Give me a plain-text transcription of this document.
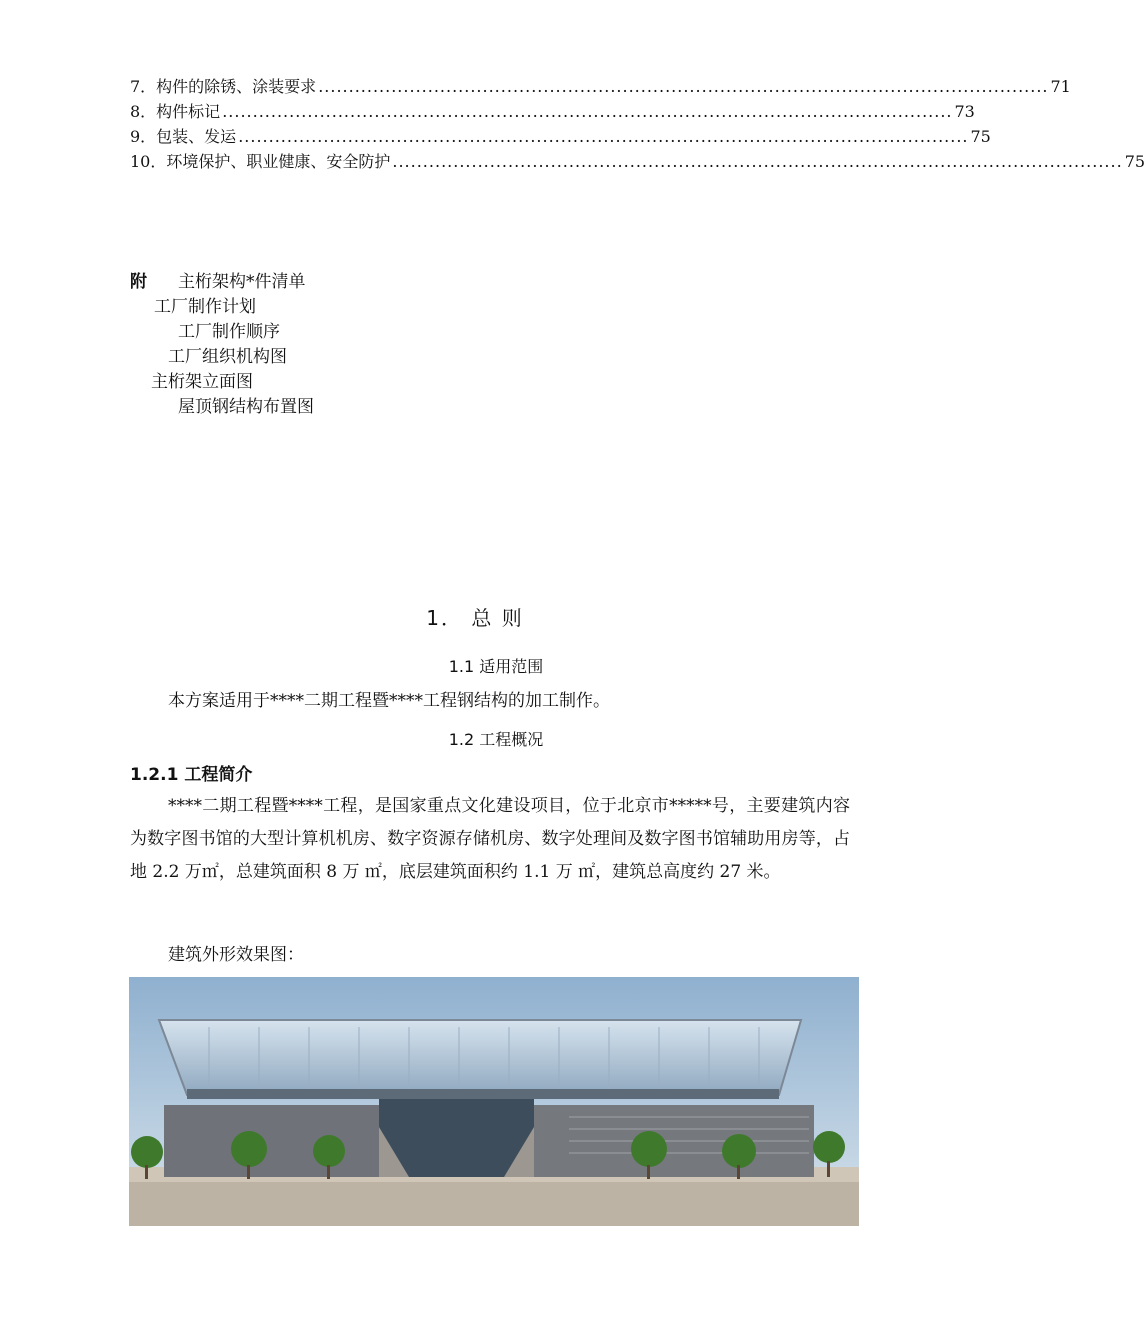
7．构件的除锈、涂装要求 ........................................................................................................................ 71
8．构件标记 ........................................................................................................................ 73
9．包装、发运 ........................................................................................................................ 75
10．环境保护、职业健康、安全防护 ........................................................................................................................ 75
附 主桁架构*件清单
工厂制作计划
工厂制作顺序
工厂组织机构图
主桁架立面图
屋顶钢结构布置图
1． 总 则
1.1 适用范围
本方案适用于****二期工程暨****工程钢结构的加工制作。
1.2 工程概况
1.2.1 工程简介
****二期工程暨****工程，是国家重点文化建设项目，位于北京市*****号，主要建筑内容为数字图书馆的大型计算机机房、数字资源存储机房、数字处理间及数字图书馆辅助用房等，占地 2.2 万㎡，总建筑面积 8 万 ㎡，底层建筑面积约 1.1 万 ㎡，建筑总高度约 27 米。
建筑外形效果图：
